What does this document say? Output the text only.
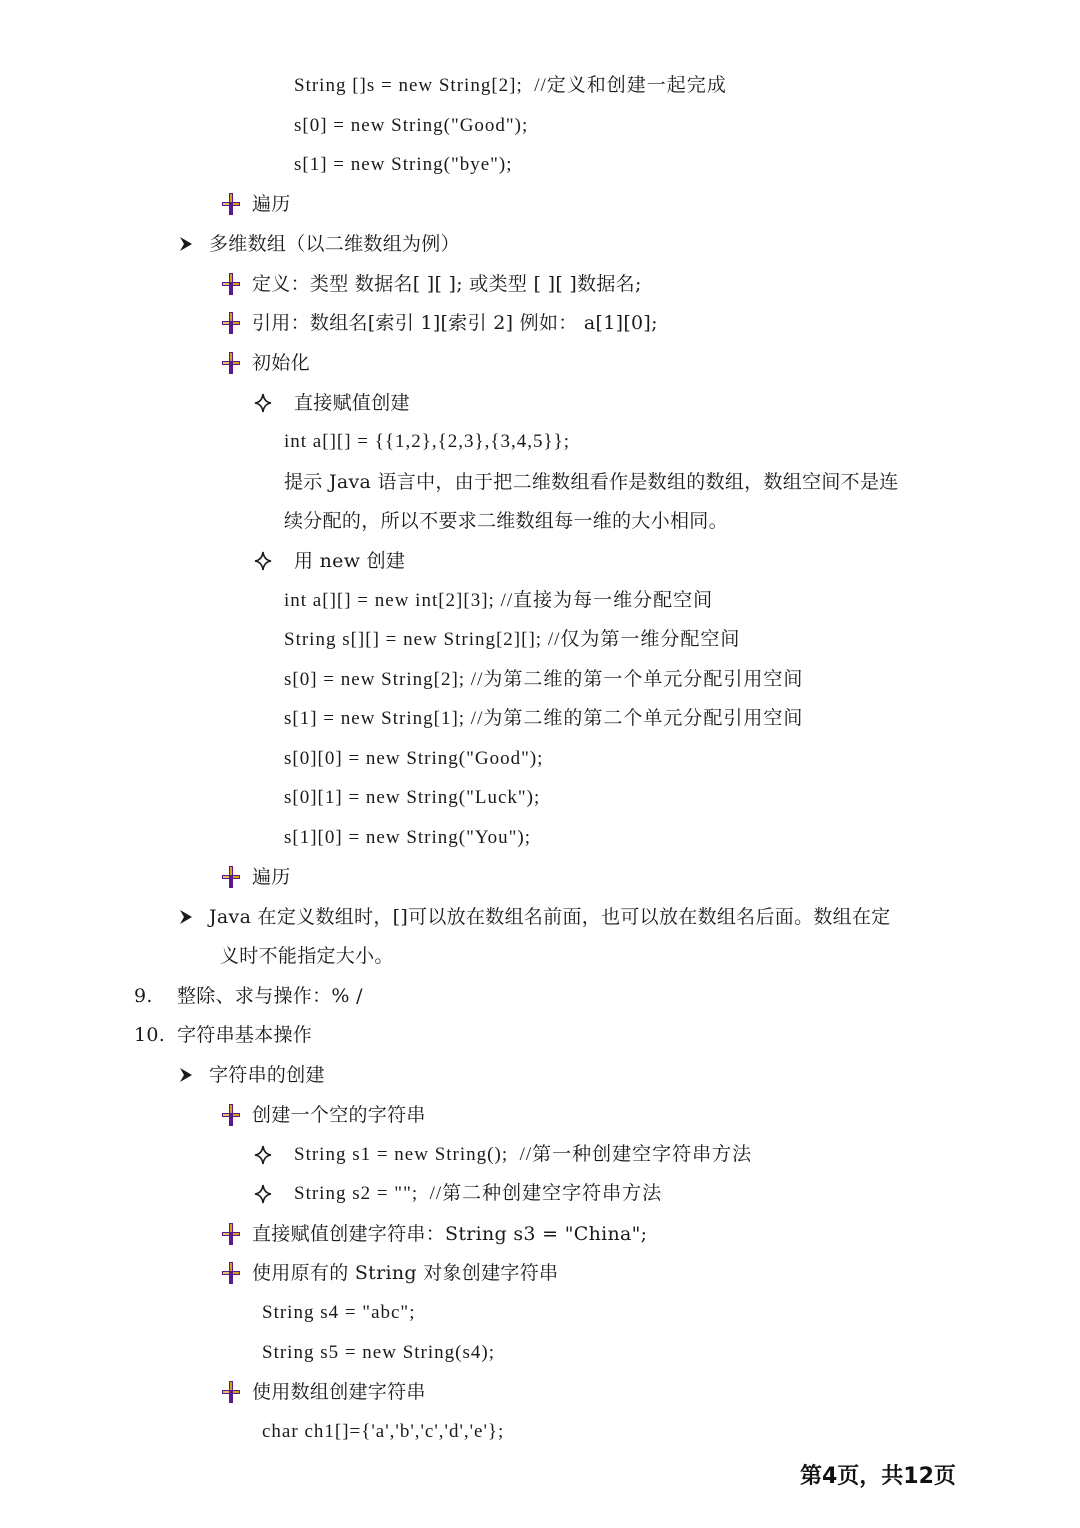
String []s = new String[2];  //定义和创建一起完成
s[0] = new String("Good");
s[1] = new String("bye");
遍历
多维数组（以二维数组为例）
定义：类型 数据名[ ][ ]; 或类型 [ ][ ]数据名;
引用：数组名[索引 1][索引 2] 例如： a[1][0];
初始化
直接赋值创建
int a[][] = {{1,2},{2,3},{3,4,5}};
提示 Java 语言中，由于把二维数组看作是数组的数组，数组空间不是连
续分配的，所以不要求二维数组每一维的大小相同。
用 new 创建
int a[][] = new int[2][3]; //直接为每一维分配空间
String s[][] = new String[2][]; //仅为第一维分配空间
s[0] = new String[2]; //为第二维的第一个单元分配引用空间
s[1] = new String[1]; //为第二维的第二个单元分配引用空间
s[0][0] = new String("Good");
s[0][1] = new String("Luck");
s[1][0] = new String("You");
遍历
Java 在定义数组时，[]可以放在数组名前面，也可以放在数组名后面。数组在定
义时不能指定大小。
9. 整除、求与操作：% /
10. 字符串基本操作
字符串的创建
创建一个空的字符串
String s1 = new String();  //第一种创建空字符串方法
String s2 = "";  //第二种创建空字符串方法
直接赋值创建字符串：String s3 = "China";
使用原有的 String 对象创建字符串
String s4 = "abc";
String s5 = new String(s4);
使用数组创建字符串
char ch1[]={'a','b','c','d','e'};
第4页，共12页
